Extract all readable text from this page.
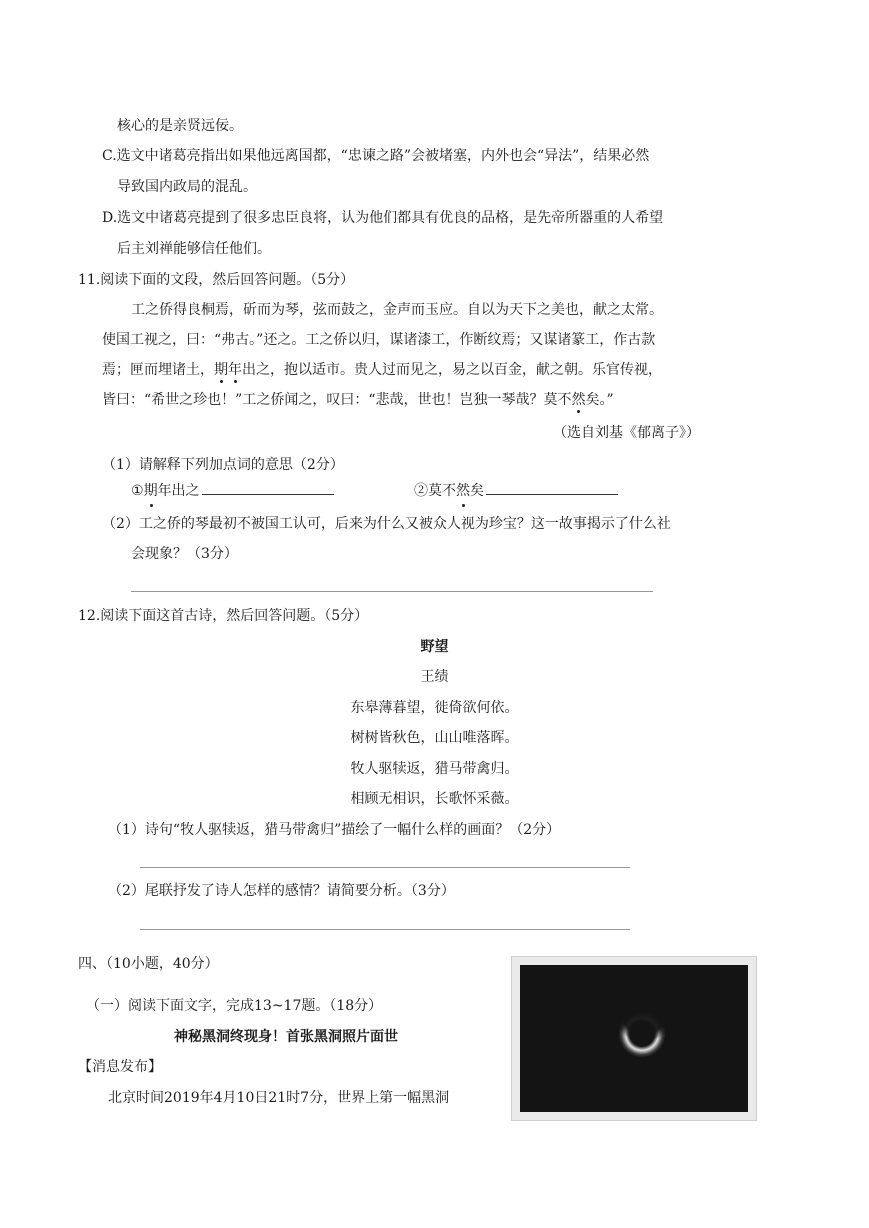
核心的是亲贤远佞。
C.选文中诸葛亮指出如果他远离国都，“忠谏之路”会被堵塞，内外也会“异法”，结果必然
导致国内政局的混乱。
D.选文中诸葛亮提到了很多忠臣良将，认为他们都具有优良的品格，是先帝所器重的人希望
后主刘禅能够信任他们。
11.阅读下面的文段，然后回答问题。（5分）
工之侨得良桐焉，斫而为琴，弦而鼓之，金声而玉应。自以为天下之美也，献之太常。
使国工视之，曰：“弗古。”还之。工之侨以归，谋诸漆工，作断纹焉；又谋诸篆工，作古款
焉；匣而埋诸土，期年出之，抱以适市。贵人过而见之，易之以百金，献之朝。乐官传视，
皆曰：“希世之珍也！”工之侨闻之，叹曰：“悲哉，世也！岂独一琴哉？莫不然矣。”
（选自刘基《郁离子》）
（1）请解释下列加点词的意思（2分）
①期年出之	②莫不然矣
（2）工之侨的琴最初不被国工认可，后来为什么又被众人视为珍宝？这一故事揭示了什么社
会现象？（3分）
12.阅读下面这首古诗，然后回答问题。（5分）
野望
王绩
东皋薄暮望，徙倚欲何依。
树树皆秋色，山山唯落晖。
牧人驱犊返，猎马带禽归。
相顾无相识，长歌怀采薇。
（1）诗句“牧人驱犊返，猎马带禽归”描绘了一幅什么样的画面？（2分）
（2）尾联抒发了诗人怎样的感情？请简要分析。（3分）
四、（10小题，40分）
（一）阅读下面文字，完成13~17题。（18分）
神秘黑洞终现身！首张黑洞照片面世
【消息发布】
北京时间2019年4月10日21时7分，世界上第一幅黑洞
